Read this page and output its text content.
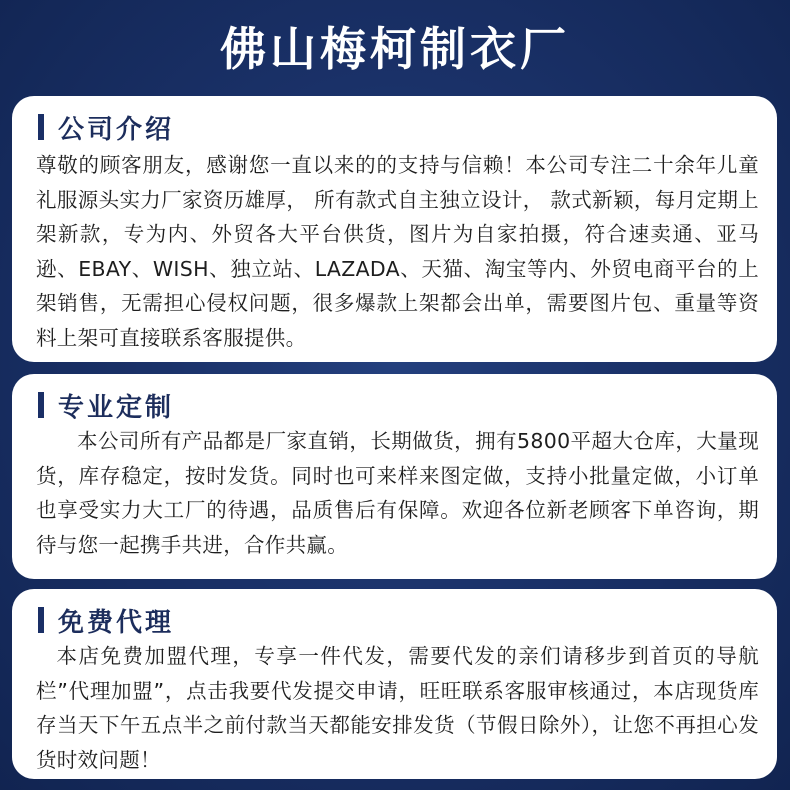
佛山梅柯制衣厂
公司介绍

尊敬的顾客朋友，感谢您一直以来的的支持与信赖！本公司专注二十余年儿童礼服源头实力厂家资历雄厚， 所有款式自主独立设计， 款式新颖，每月定期上架新款，专为内、外贸各大平台供货，图片为自家拍摄，符合速卖通、亚马逊、EBAY、WISH、独立站、LAZADA、天猫、淘宝等内、外贸电商平台的上架销售，无需担心侵权问题，很多爆款上架都会出单，需要图片包、重量等资料上架可直接联系客服提供。

专业定制

本公司所有产品都是厂家直销，长期做货，拥有5800平超大仓库，大量现货，库存稳定，按时发货。同时也可来样来图定做，支持小批量定做，小订单也享受实力大工厂的待遇，品质售后有保障。欢迎各位新老顾客下单咨询，期待与您一起携手共进，合作共赢。

免费代理

本店免费加盟代理，专享一件代发，需要代发的亲们请移步到首页的导航栏”代理加盟”，点击我要代发提交申请，旺旺联系客服审核通过，本店现货库存当天下午五点半之前付款当天都能安排发货（节假日除外），让您不再担心发货时效问题！
